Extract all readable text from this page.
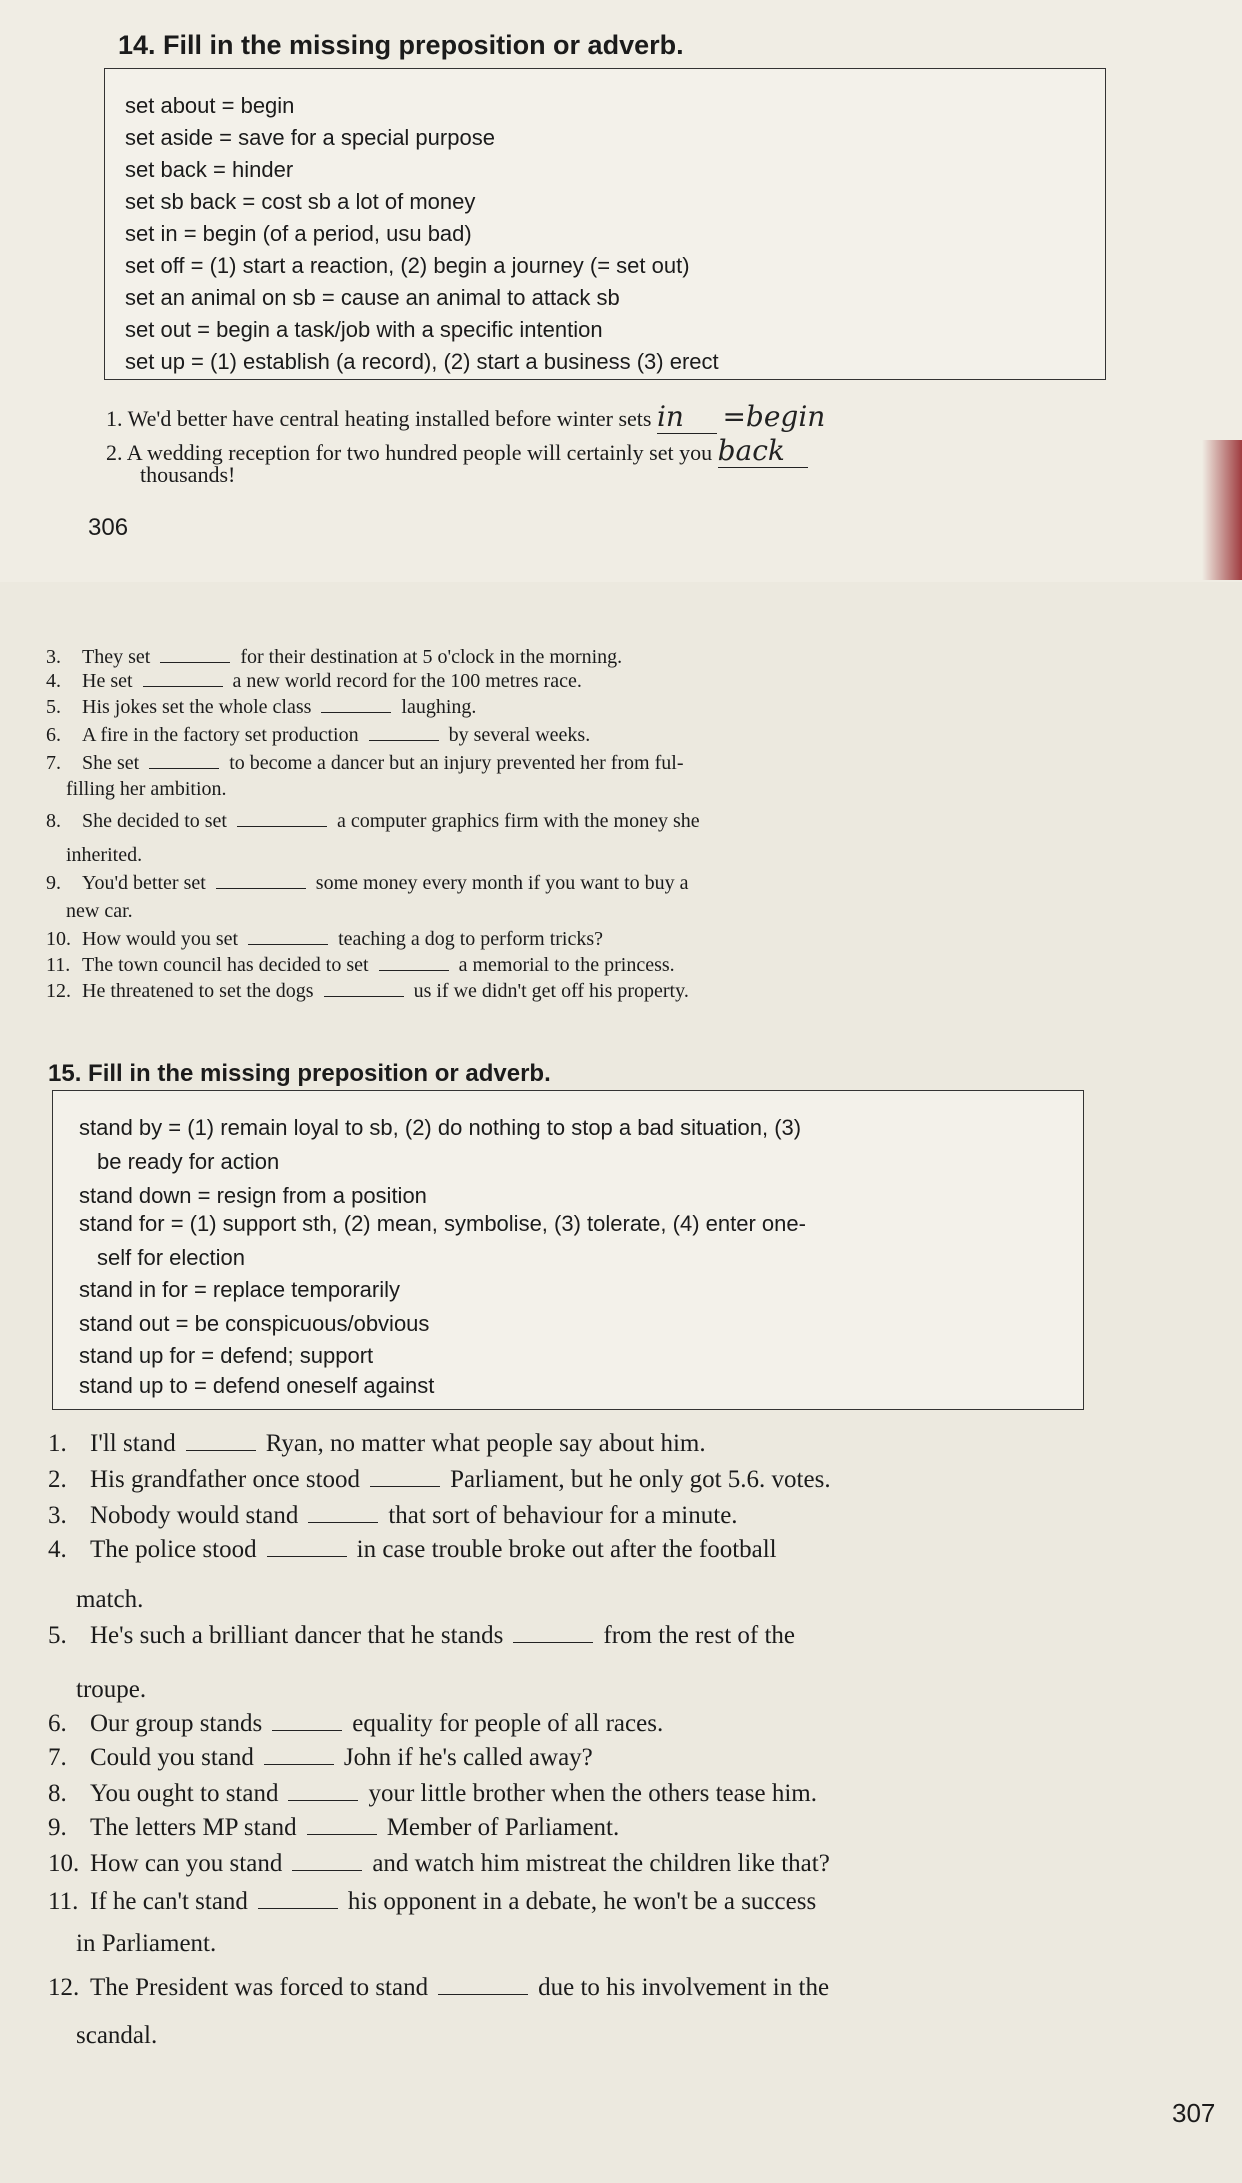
14. Fill in the missing preposition or adverb.
set about = begin
set aside = save for a special purpose
set back = hinder
set sb back = cost sb a lot of money
set in = begin (of a period, usu bad)
set off = (1) start a reaction, (2) begin a journey (= set out)
set an animal on sb = cause an animal to attack sb
set out = begin a task/job with a specific intention
set up = (1) establish (a record), (2) start a business (3) erect
1. We'd better have central heating installed before winter sets in =begin
2. A wedding reception for two hundred people will certainly set you back
thousands!
306
3. They set	for their destination at 5 o'clock in the morning.
4. He set	a new world record for the 100 metres race.
5. His jokes set the whole class	laughing.
6. A fire in the factory set production	by several weeks.
7. She set	to become a dancer but an injury prevented her from ful-
filling her ambition.
8. She decided to set	a computer graphics firm with the money she
inherited.
9. You'd better set	some money every month if you want to buy a
new car.
10. How would you set	teaching a dog to perform tricks?
11. The town council has decided to set	a memorial to the princess.
12. He threatened to set the dogs	us if we didn't get off his property.
15. Fill in the missing preposition or adverb.
stand by = (1) remain loyal to sb, (2) do nothing to stop a bad situation, (3)
be ready for action
stand down = resign from a position
stand for = (1) support sth, (2) mean, symbolise, (3) tolerate, (4) enter one-
self for election
stand in for = replace temporarily
stand out = be conspicuous/obvious
stand up for = defend; support
stand up to = defend oneself against
1. I'll stand	Ryan, no matter what people say about him.
2. His grandfather once stood	Parliament, but he only got 5.6. votes.
3. Nobody would stand	that sort of behaviour for a minute.
4. The police stood	in case trouble broke out after the football
match.
5. He's such a brilliant dancer that he stands	from the rest of the
troupe.
6. Our group stands	equality for people of all races.
7. Could you stand	John if he's called away?
8. You ought to stand	your little brother when the others tease him.
9. The letters MP stand	Member of Parliament.
10. How can you stand	and watch him mistreat the children like that?
11. If he can't stand	his opponent in a debate, he won't be a success
in Parliament.
12. The President was forced to stand	due to his involvement in the
scandal.
307
